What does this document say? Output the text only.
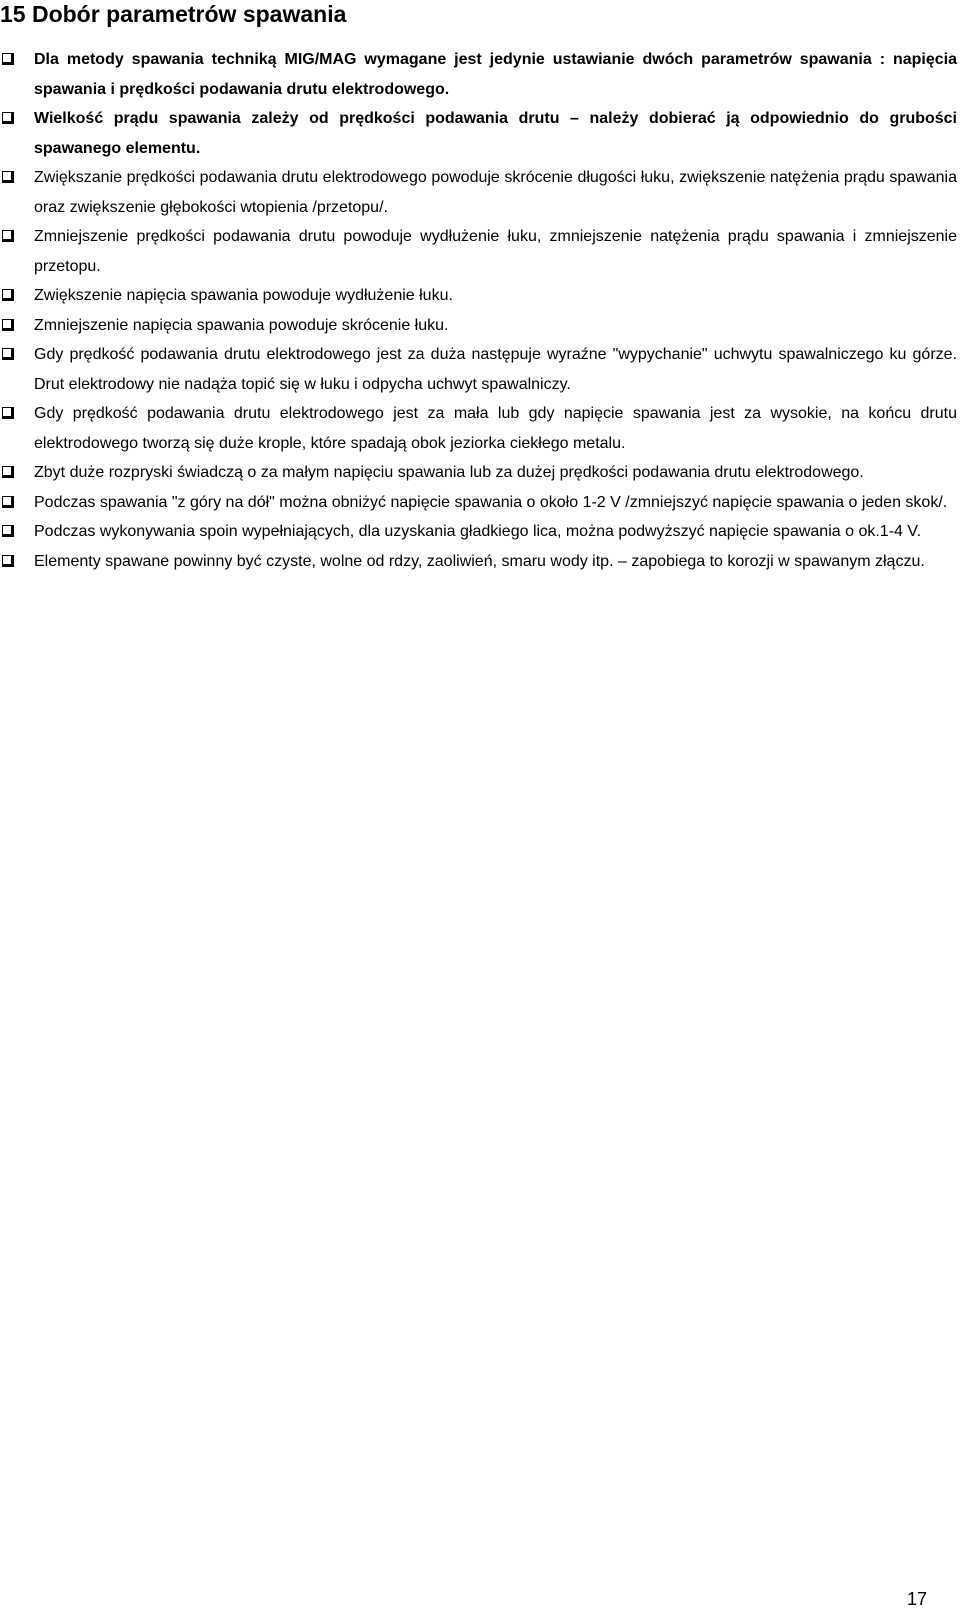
15 Dobór parametrów spawania
Dla metody spawania techniką MIG/MAG wymagane jest jedynie ustawianie dwóch parametrów spawania : napięcia spawania i prędkości podawania drutu elektrodowego.
Wielkość prądu spawania zależy od prędkości podawania drutu – należy dobierać ją odpowiednio do grubości spawanego elementu.
Zwiększanie prędkości podawania drutu elektrodowego powoduje skrócenie długości łuku, zwiększenie natężenia prądu spawania oraz zwiększenie głębokości wtopienia /przetopu/.
Zmniejszenie prędkości podawania drutu powoduje wydłużenie łuku, zmniejszenie natężenia prądu spawania i zmniejszenie przetopu.
Zwiększenie napięcia spawania powoduje wydłużenie łuku.
Zmniejszenie napięcia spawania powoduje skrócenie łuku.
Gdy prędkość podawania drutu elektrodowego jest za duża następuje wyraźne "wypychanie" uchwytu spawalniczego ku górze. Drut elektrodowy nie nadąża topić się w łuku i odpycha uchwyt spawalniczy.
Gdy prędkość podawania drutu elektrodowego jest za mała lub gdy napięcie spawania jest za wysokie, na końcu drutu elektrodowego tworzą się duże krople, które spadają obok jeziorka ciekłego metalu.
Zbyt duże rozpryski świadczą o za małym napięciu spawania lub za dużej prędkości podawania drutu elektrodowego.
Podczas spawania "z góry na dół" można obniżyć napięcie spawania o około 1-2 V /zmniejszyć napięcie spawania o jeden skok/.
Podczas wykonywania spoin wypełniających, dla uzyskania gładkiego lica, można podwyższyć napięcie spawania o ok.1-4 V.
Elementy spawane powinny być czyste, wolne od rdzy, zaoliwień, smaru wody itp. – zapobiega to korozji w spawanym złączu.
17
